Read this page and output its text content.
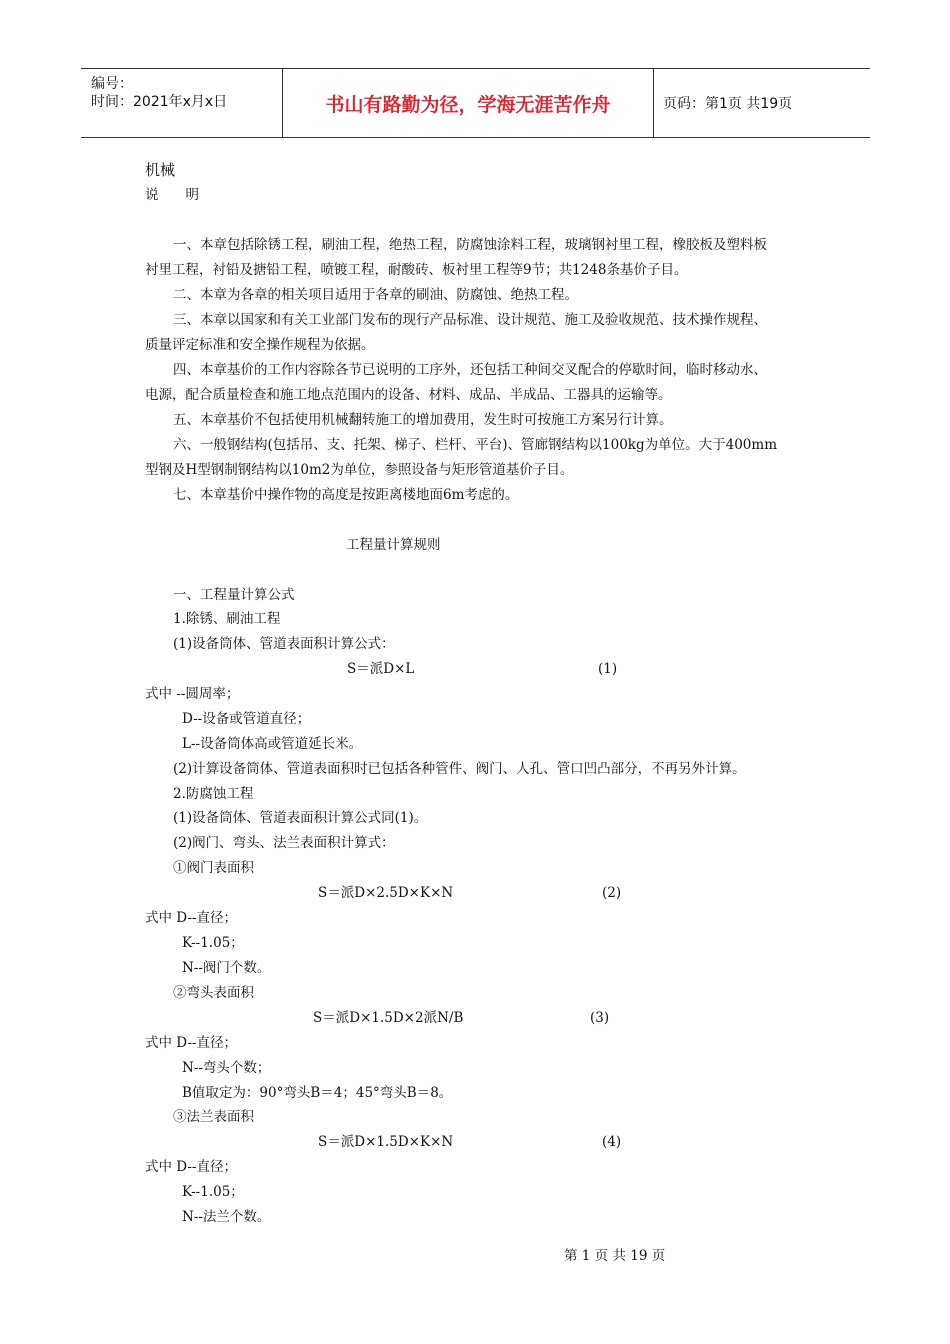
编号：
时间：2021年x月x日	书山有路勤为径，学海无涯苦作舟	页码：第1页 共19页
机械
说　　明
一、本章包括除锈工程，刷油工程，绝热工程，防腐蚀涂料工程，玻璃钢衬里工程，橡胶板及塑料板
衬里工程，衬铅及搪铅工程，喷镀工程，耐酸砖、板衬里工程等9节；共1248条基价子目。
二、本章为各章的相关项目适用于各章的刷油、防腐蚀、绝热工程。
三、本章以国家和有关工业部门发布的现行产品标准、设计规范、施工及验收规范、技术操作规程、
质量评定标准和安全操作规程为依据。
四、本章基价的工作内容除各节已说明的工序外，还包括工种间交叉配合的停歇时间，临时移动水、
电源，配合质量检查和施工地点范围内的设备、材料、成品、半成品、工器具的运输等。
五、本章基价不包括使用机械翻转施工的增加费用，发生时可按施工方案另行计算。
六、一般钢结构(包括吊、支、托架、梯子、栏杆、平台)、管廊钢结构以100kg为单位。大于400mm
型钢及H型钢制钢结构以10m2为单位，参照设备与矩形管道基价子目。
七、本章基价中操作物的高度是按距离楼地面6m考虑的。
工程量计算规则
一、工程量计算公式
1.除锈、刷油工程
(1)设备筒体、管道表面积计算公式：
S＝派D×L	(1)
式中 --圆周率；
D--设备或管道直径；
L--设备筒体高或管道延长米。
(2)计算设备筒体、管道表面积时已包括各种管件、阀门、人孔、管口凹凸部分，不再另外计算。
2.防腐蚀工程
(1)设备筒体、管道表面积计算公式同(1)。
(2)阀门、弯头、法兰表面积计算式：
①阀门表面积
S＝派D×2.5D×K×N	(2)
式中 D--直径；
K--1.05；
N--阀门个数。
②弯头表面积
S＝派D×1.5D×2派N/B	(3)
式中 D--直径；
N--弯头个数；
B值取定为：90°弯头B＝4；45°弯头B＝8。
③法兰表面积
S＝派D×1.5D×K×N	(4)
式中 D--直径；
K--1.05；
N--法兰个数。
第 1 页 共 19 页
